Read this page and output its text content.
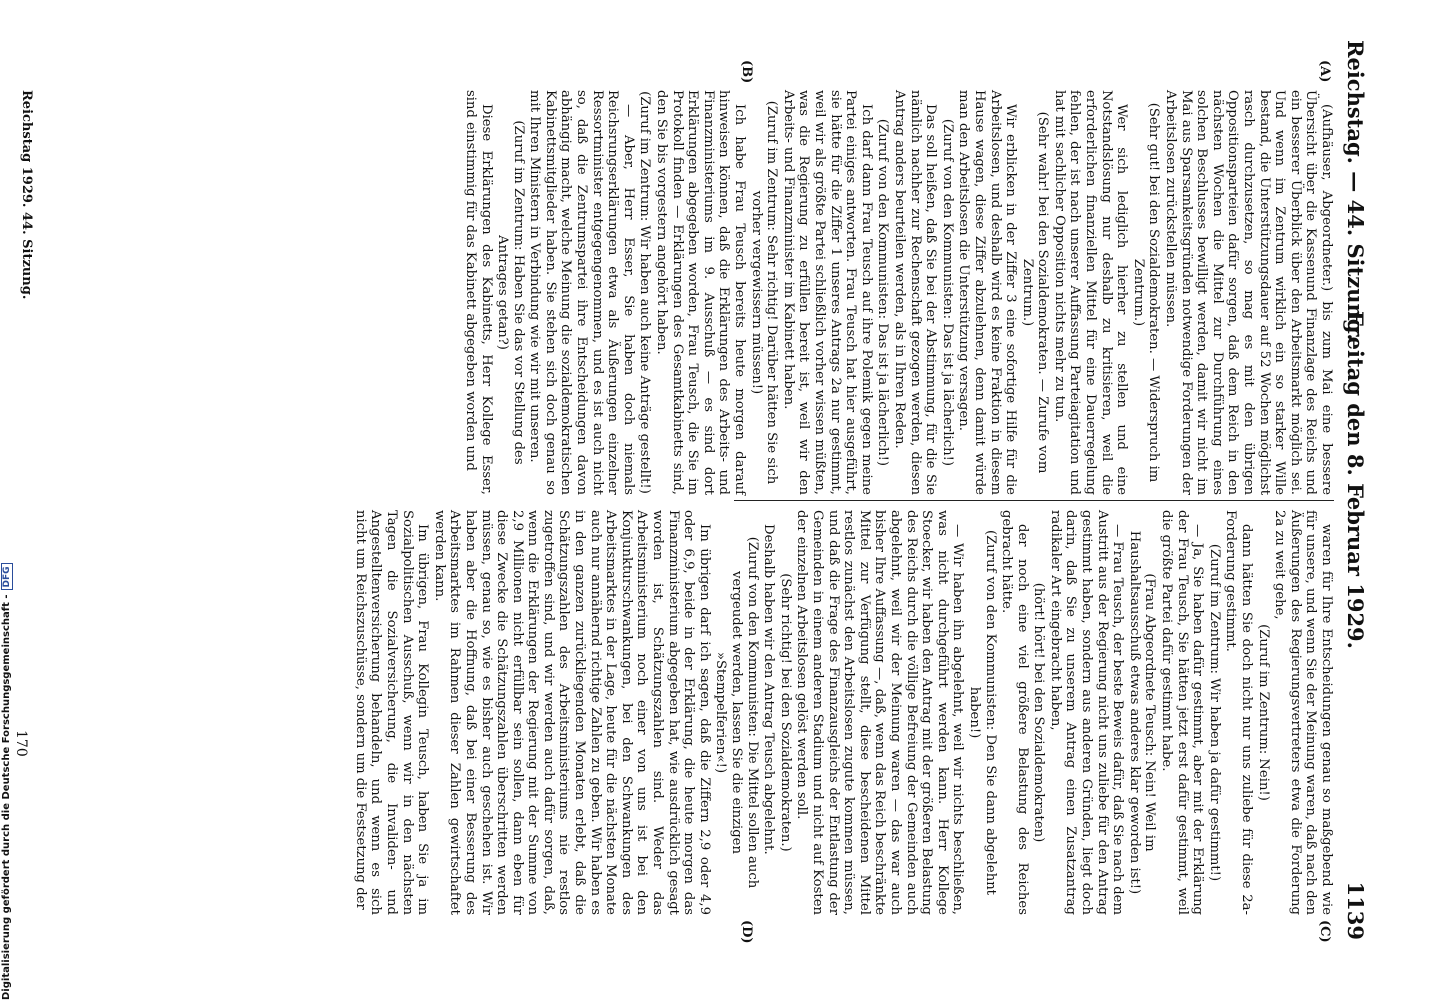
Reichstag. — 44. Sitzung.
Freitag den 8. Februar 1929.
1139
(A)
(B)
(C)
(D)

(Aufhäuser, Abgeordneter.) bis zum Mai eine bessere Übersicht über die Kassenund Finanzlage des Reichs und ein besserer Überblick über den Arbeitsmarkt möglich sei. Und wenn im Zentrum wirklich ein so starker Wille bestand, die Unterstützungsdauer auf 52 Wochen möglichst rasch durchzusetzen, so mag es mit den übrigen Oppositionsparteien dafür sorgen, daß dem Reich in den nächsten Wochen die Mittel zur Durchführung eines solchen Beschlusses bewilligt werden, damit wir nicht im Mai aus Sparsamkeitsgründen notwendige Forderungen der Arbeitslosen zurückstellen müssen.

(Sehr gut! bei den Sozialdemokraten. — Widerspruch im Zentrum.)

Wer sich lediglich hierher zu stellen und eine Notstandslösung nur deshalb zu kritisieren, weil die erforderlichen finanziellen Mittel für eine Dauerregelung fehlen, der ist nach unserer Auffassung Parteiagitation und hat mit sachlicher Opposition nichts mehr zu tun.

(Sehr wahr! bei den Sozialdemokraten. — Zurufe vom Zentrum.)

Wir erblicken in der Ziffer 3 eine sofortige Hilfe für die Arbeitslosen, und deshalb wird es keine Fraktion in diesem Hause wagen, diese Ziffer abzulehnen, denn damit würde man den Arbeitslosen die Unterstützung versagen.

(Zuruf von den Kommunisten: Das ist ja lächerlich!)

Das soll heißen, daß Sie bei der Abstimmung, für die Sie nämlich nachher zur Rechenschaft gezogen werden, diesen Antrag anders beurteilen werden, als in Ihren Reden.

(Zuruf von den Kommunisten: Das ist ja lächerlich!)

Ich darf dann Frau Teusch auf ihre Polemik gegen meine Partei einiges antworten. Frau Teusch hat hier ausgeführt, sie hätte für die Ziffer 1 unseres Antrags 2a nur gestimmt, weil wir als größte Partei schließlich vorher wissen müßten, was die Regierung zu erfüllen bereit ist, weil wir den Arbeits- und Finanzminister im Kabinett haben.

(Zuruf im Zentrum: Sehr richtig! Darüber hätten Sie sich vorher vergewissern müssen!)

Ich habe Frau Teusch bereits heute morgen darauf hinweisen können, daß die Erklärungen des Arbeits- und Finanzministeriums im 9. Ausschuß — es sind dort Erklärungen abgegeben worden, Frau Teusch, die Sie im Protokoll finden — Erklärungen des Gesamtkabinetts sind, den Sie bis vorgestern angehört haben.

(Zuruf im Zentrum: Wir haben auch keine Anträge gestellt!)

— Aber, Herr Esser, Sie haben doch niemals Reichsrungserklärungen etwa als Äußerungen einzelner Ressortminister entgegengenommen, und es ist auch nicht so, daß die Zentrumspartei ihre Entscheidungen davon abhängig macht, welche Meinung die sozialdemokratischen Kabinettsmitglieder haben. Sie stehen sich doch genau so mit Ihren Ministern in Verbindung wie wir mit unseren.

(Zuruf im Zentrum: Haben Sie das vor Stellung des Antrages getan?)

Diese Erklärungen des Kabinetts, Herr Kollege Esser, sind einstimmig für das Kabinett abgegeben worden und

waren für Ihre Entscheidungen genau so maßgebend wie für unsere, und wenn Sie der Meinung waren, daß nach den Äußerungen des Regierungsvertreters etwa die Forderung 2a zu weit gehe,

(Zuruf im Zentrum: Nein!)

dann hätten Sie doch nicht nur uns zuliebe für diese 2a-Forderung gestimmt.

(Zuruf im Zentrum: Wir haben ja dafür gestimmt!)

— Ja, Sie haben dafür gestimmt, aber mit der Erklärung der Frau Teusch, Sie hätten jetzt erst dafür gestimmt, weil die größte Partei dafür gestimmt habe.

(Frau Abgeordnete Teusch: Nein! Weil im Haushaltsausschuß etwas anderes klar geworden ist!)

— Frau Teusch, der beste Beweis dafür, daß Sie nach dem Austritt aus der Regierung nicht uns zuliebe für den Antrag gestimmt haben, sondern aus anderen Gründen, liegt doch darin, daß Sie zu unserem Antrag einen Zusatzantrag radikaler Art eingebracht haben,

(hört! hört! bei den Sozialdemokraten)

der noch eine viel größere Belastung des Reiches gebracht hätte.

(Zuruf von den Kommunisten: Den Sie dann abgelehnt haben!)

— Wir haben ihn abgelehnt, weil wir nichts beschließen, was nicht durchgeführt werden kann. Herr Kollege Stoecker, wir haben den Antrag mit der größeren Belastung des Reichs durch die völlige Befreiung der Gemeinden auch abgelehnt, weil wir der Meinung waren — das war auch bisher Ihre Auffassung —, daß, wenn das Reich beschränkte Mittel zur Verfügung stellt, diese bescheidenen Mittel restlos zunächst den Arbeitslosen zugute kommen müssen, und daß die Frage des Finanzausgleichs der Entlastung der Gemeinden in einem anderen Stadium und nicht auf Kosten der einzelnen Arbeitslosen gelöst werden soll.

(Sehr richtig! bei den Sozialdemokraten.)

Deshalb haben wir den Antrag Teusch abgelehnt.

(Zuruf von den Kommunisten: Die Mittel sollen auch vergeudet werden, lassen Sie die einzigen »Stempelferien«!)

Im übrigen darf ich sagen, daß die Ziffern 2,9 oder 4,9 oder 6,9, beide in der Erklärung, die heute morgen das Finanzministerium abgegeben hat, wie ausdrücklich gesagt worden ist, Schätzungszahlen sind. Weder das Arbeitsministerium noch einer von uns ist bei den Konjunkturschwankungen, bei den Schwankungen des Arbeitsmarktes in der Lage, heute für die nächsten Monate auch nur annähernd richtige Zahlen zu geben. Wir haben es in den ganzen zurückliegenden Monaten erlebt, daß die Schätzungszahlen des Arbeitsministeriums nie restlos zugetroffen sind, und wir werden auch dafür sorgen, daß, wenn die Erklärungen der Regierung mit der Summe von 2,9 Millionen nicht erfüllbar sein sollen, dann eben für diese Zwecke die Schätzungszahlen überschritten werden müssen, genau so, wie es bisher auch geschehen ist. Wir haben aber die Hoffnung, daß bei einer Besserung des Arbeitsmarktes im Rahmen dieser Zahlen gewirtschaftet werden kann.

Im übrigen, Frau Kollegin Teusch, haben Sie ja im Sozialpolitischen Ausschuß, wenn wir in den nächsten Tagen die Sozialversicherung, die Invaliden- und Angestelltenversicherung behandeln, und wenn es sich nicht um Reichszuschüsse, sondern um die Festsetzung der

Reichstag 1929. 44. Sitzung.
170
Digitalisierung gefördert durch die Deutsche Forschungsgemeinschaft -DFG
